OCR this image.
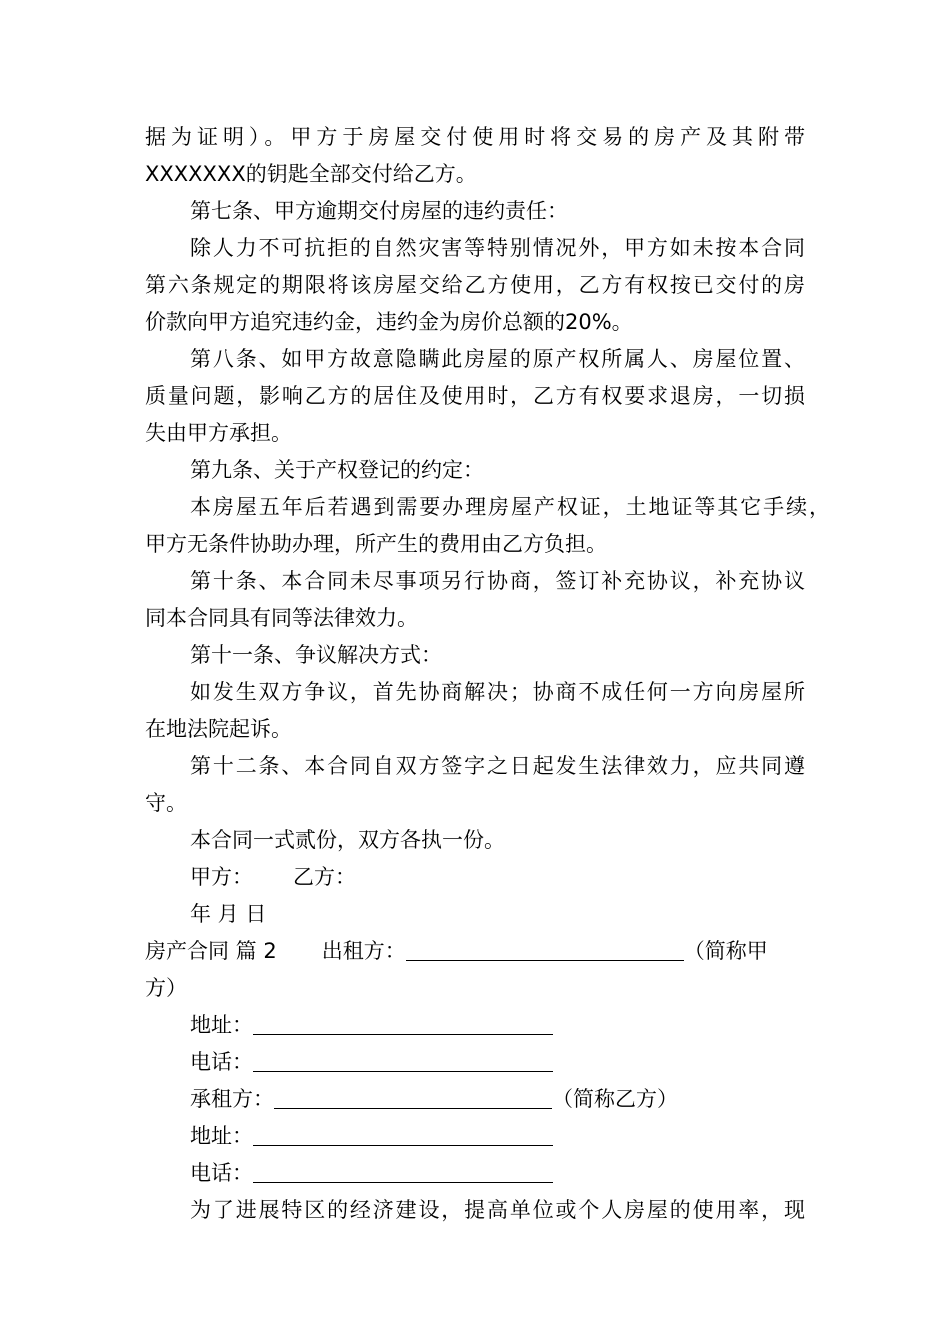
据为证明）。甲方于房屋交付使用时将交易的房产及其附带

XXXXXXX的钥匙全部交付给乙方。

第七条、甲方逾期交付房屋的违约责任：

除人力不可抗拒的自然灾害等特别情况外，甲方如未按本合同

第六条规定的期限将该房屋交给乙方使用，乙方有权按已交付的房

价款向甲方追究违约金，违约金为房价总额的20%。

第八条、如甲方故意隐瞒此房屋的原产权所属人、房屋位置、

质量问题，影响乙方的居住及使用时，乙方有权要求退房，一切损

失由甲方承担。

第九条、关于产权登记的约定：

本房屋五年后若遇到需要办理房屋产权证，土地证等其它手续，

甲方无条件协助办理，所产生的费用由乙方负担。

第十条、本合同未尽事项另行协商，签订补充协议，补充协议

同本合同具有同等法律效力。

第十一条、争议解决方式：

如发生双方争议，首先协商解决；协商不成任何一方向房屋所

在地法院起诉。

第十二条、本合同自双方签字之日起发生法律效力，应共同遵

守。

本合同一式贰份，双方各执一份。

甲方： 乙方：

年 月 日

房产合同 篇 2 出租方：	（简称甲

方）

地址：

电话：

承租方：	（简称乙方）

地址：

电话：

为了进展特区的经济建设，提高单位或个人房屋的使用率，现
